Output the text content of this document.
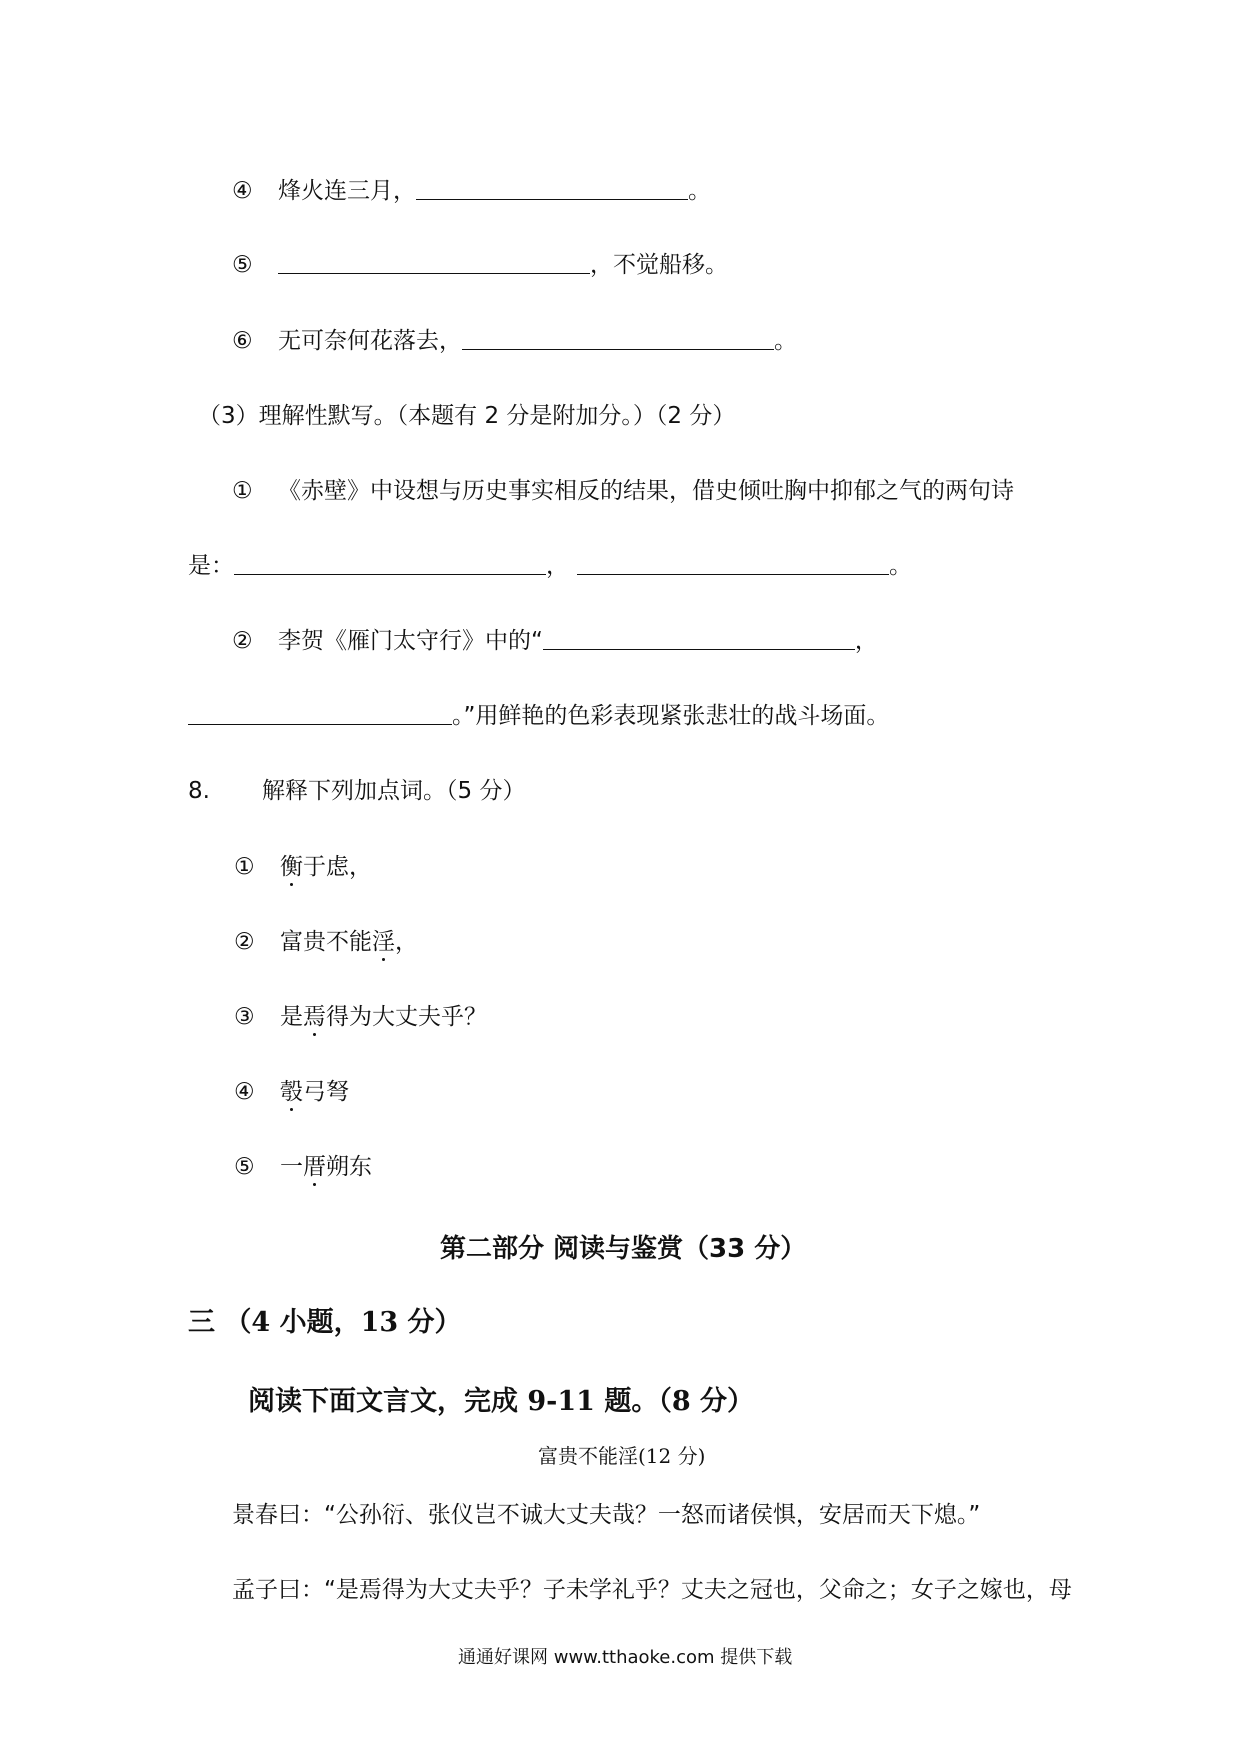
④ 烽火连三月，	。
⑤	，不觉船移。
⑥ 无可奈何花落去，	。
（3）理解性默写。（本题有 2 分是附加分。）（2 分）
① 《赤壁》中设想与历史事实相反的结果，借史倾吐胸中抑郁之气的两句诗
是：	，	。
② 李贺《雁门太守行》中的“	，
。”用鲜艳的色彩表现紧张悲壮的战斗场面。
8. 解释下列加点词。（5 分）
① 衡于虑，
② 富贵不能淫，
③ 是焉得为大丈夫乎？
④ 彀弓弩
⑤ 一厝朔东
第二部分 阅读与鉴赏（33 分）
三 （4 小题，13 分）
阅读下面文言文，完成 9-11 题。（8 分）
富贵不能淫(12 分)
景春曰：“公孙衍、张仪岂不诚大丈夫哉？一怒而诸侯惧，安居而天下熄。”
孟子曰：“是焉得为大丈夫乎？子未学礼乎？丈夫之冠也，父命之；女子之嫁也，母
通通好课网 www.tthaoke.com 提供下载
